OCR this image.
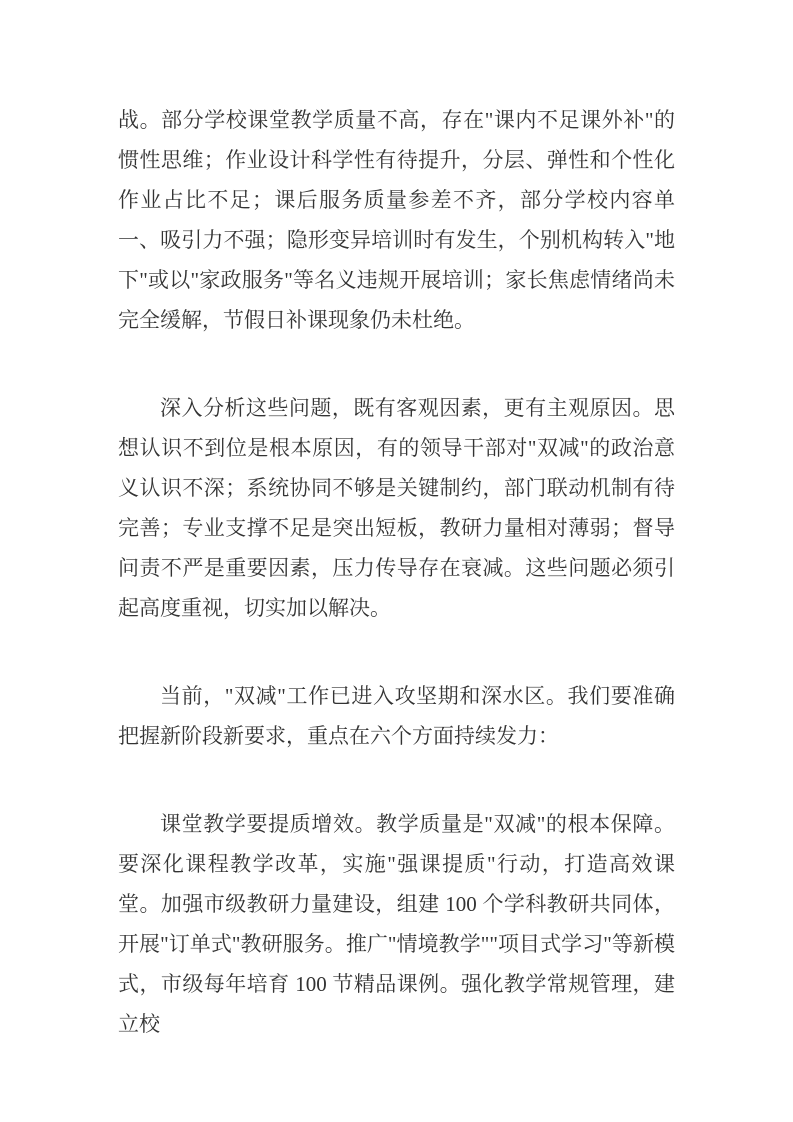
战。部分学校课堂教学质量不高，存在"课内不足课外补"的惯性思维；作业设计科学性有待提升，分层、弹性和个性化作业占比不足；课后服务质量参差不齐，部分学校内容单一、吸引力不强；隐形变异培训时有发生，个别机构转入"地下"或以"家政服务"等名义违规开展培训；家长焦虑情绪尚未完全缓解，节假日补课现象仍未杜绝。

深入分析这些问题，既有客观因素，更有主观原因。思想认识不到位是根本原因，有的领导干部对"双减"的政治意义认识不深；系统协同不够是关键制约，部门联动机制有待完善；专业支撑不足是突出短板，教研力量相对薄弱；督导问责不严是重要因素，压力传导存在衰减。这些问题必须引起高度重视，切实加以解决。

当前，"双减"工作已进入攻坚期和深水区。我们要准确把握新阶段新要求，重点在六个方面持续发力：

课堂教学要提质增效。教学质量是"双减"的根本保障。要深化课程教学改革，实施"强课提质"行动，打造高效课堂。加强市级教研力量建设，组建 100 个学科教研共同体，开展"订单式"教研服务。推广"情境教学""项目式学习"等新模式，市级每年培育 100 节精品课例。强化教学常规管理，建立校
